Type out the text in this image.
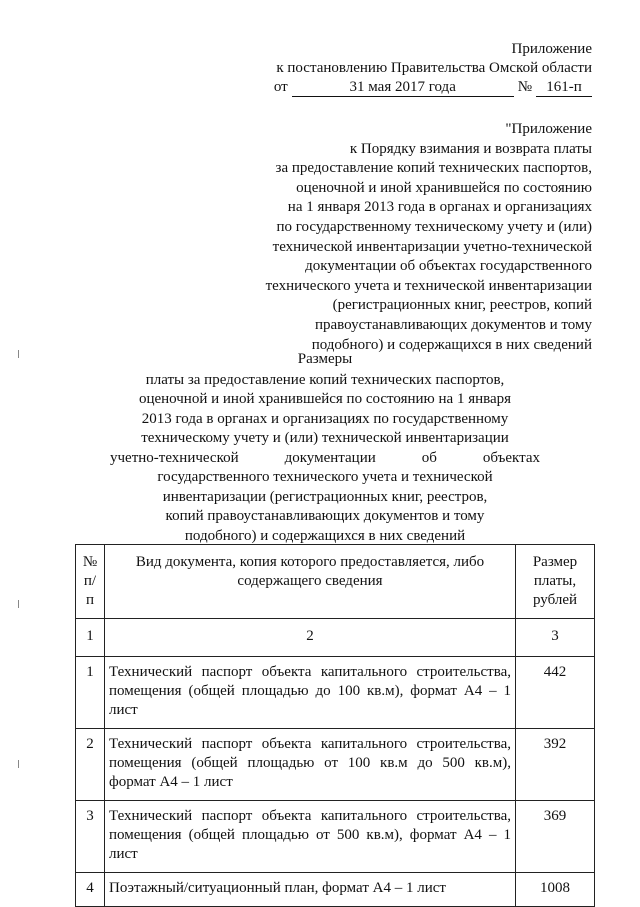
Приложение
к постановлению Правительства Омской области
от	31 мая 2017 года	№ 161-п
"Приложение
к Порядку взимания и возврата платы
за предоставление копий технических паспортов,
оценочной и иной хранившейся по состоянию
на 1 января 2013 года в органах и организациях
по государственному техническому учету и (или)
технической инвентаризации учетно-технической
документации об объектах государственного
технического учета и технической инвентаризации
(регистрационных книг, реестров, копий
правоустанавливающих документов и тому
подобного) и содержащихся в них сведений
Размеры
платы за предоставление копий технических паспортов,
оценочной и иной хранившейся по состоянию на 1 января
2013 года в органах и организациях по государственному
техническому учету и (или) технической инвентаризации
учетно-технической документации об объектах
государственного технического учета и технической
инвентаризации (регистрационных книг, реестров,
копий правоустанавливающих документов и тому
подобного) и содержащихся в них сведений
№ п/п	Вид документа, копия которого предоставляется, либо содержащего сведения	Размер платы, рублей
1	2	3
1	Технический паспорт объекта капитального строительства, помещения (общей площадью до 100 кв.м), формат А4 – 1 лист	442
2	Технический паспорт объекта капитального строительства, помещения (общей площадью от 100 кв.м до 500 кв.м), формат А4 – 1 лист	392
3	Технический паспорт объекта капитального строительства, помещения (общей площадью от 500 кв.м), формат А4 – 1 лист	369
4	Поэтажный/ситуационный план, формат А4 – 1 лист	1008
